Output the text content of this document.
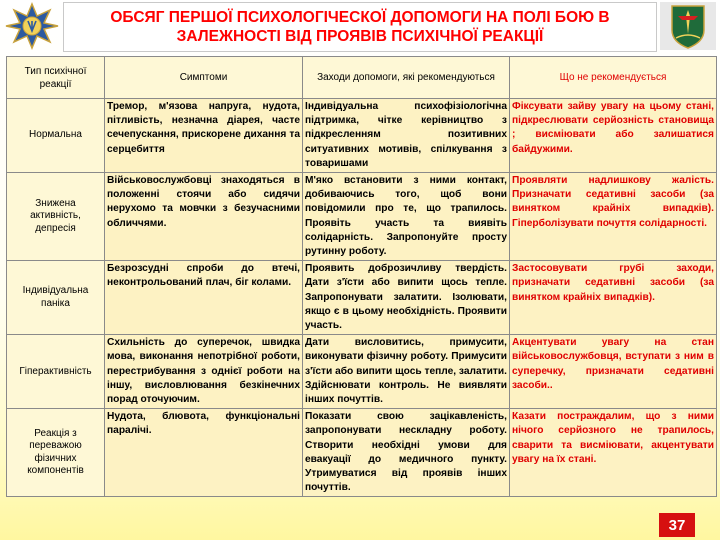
ОБСЯГ ПЕРШОЇ ПСИХОЛОГІЧЕСКОЇ ДОПОМОГИ НА ПОЛІ БОЮ В
ЗАЛЕЖНОСТІ ВІД ПРОЯВІВ ПСИХІЧНОЇ РЕАКЦІЇ
Тип психічної реакції	Симптоми	Заходи допомоги, які рекомендуються	Що не рекомендується
Нормальна	Тремор, м'язова напруга, нудота, пітливість, незначна діарея, часте сечепускання, прискорене дихання та серцебиття	Індивідуальна психофізіологічна підтримка, чітке керівництво з підкресленням позитивних ситуативних мотивів, спілкування з товаришами	Фіксувати зайву увагу на цьому стані, підкреслювати серйозність становища ; висміювати або залишатися байдужими.
Знижена активність, депресія	Військовослужбовці знаходяться в положенні стоячи або сидячи нерухомо та мовчки з безучасними обличчями.	М'яко встановити з ними контакт, добиваючись того, щоб вони повідомили про те, що трапилось. Проявіть участь та виявіть солідарність. Запропонуйте просту рутинну роботу.	Проявляти надлишкову жалість. Призначати седативні засоби (за винятком крайніх випадків). Гіперболізувати почуття солідарності.
Індивідуальна паніка	Безрозсудні спроби до втечі, неконтрольований плач, біг колами.	Проявить доброзичливу твердість. Дати з'їсти або випити щось тепле. Запропонувати залатити. Ізолювати, якщо є в цьому необхідність. Проявити участь.	Застосовувати грубі заходи, призначати седативні засоби (за винятком крайніх випадків).
Гіперактивність	Схильність до суперечок, швидка мова, виконання непотрібної роботи, перестрибування з однієї роботи на іншу, висловлювання безкінечних порад оточуючим.	Дати висловитись, примусити, виконувати фізичну роботу. Примусити з'їсти або випити щось тепле, залатити. Здійснювати контроль. Не виявляти інших почуттів.	Акцентувати увагу на стан військовослужбовця, вступати з ним в суперечку, призначати седативні засоби..
Реакція з переважою фізичних компонентів	Нудота, блювота, функціональні паралічі.	Показати свою зацікавленість, запропонувати нескладну роботу. Створити необхідні умови для евакуації до медичного пункту. Утримуватися від проявів інших почуттів.	Казати постраждалим, що з ними нічого серйозного не трапилось, сварити та висміювати, акцентувати увагу на їх стані.
37
